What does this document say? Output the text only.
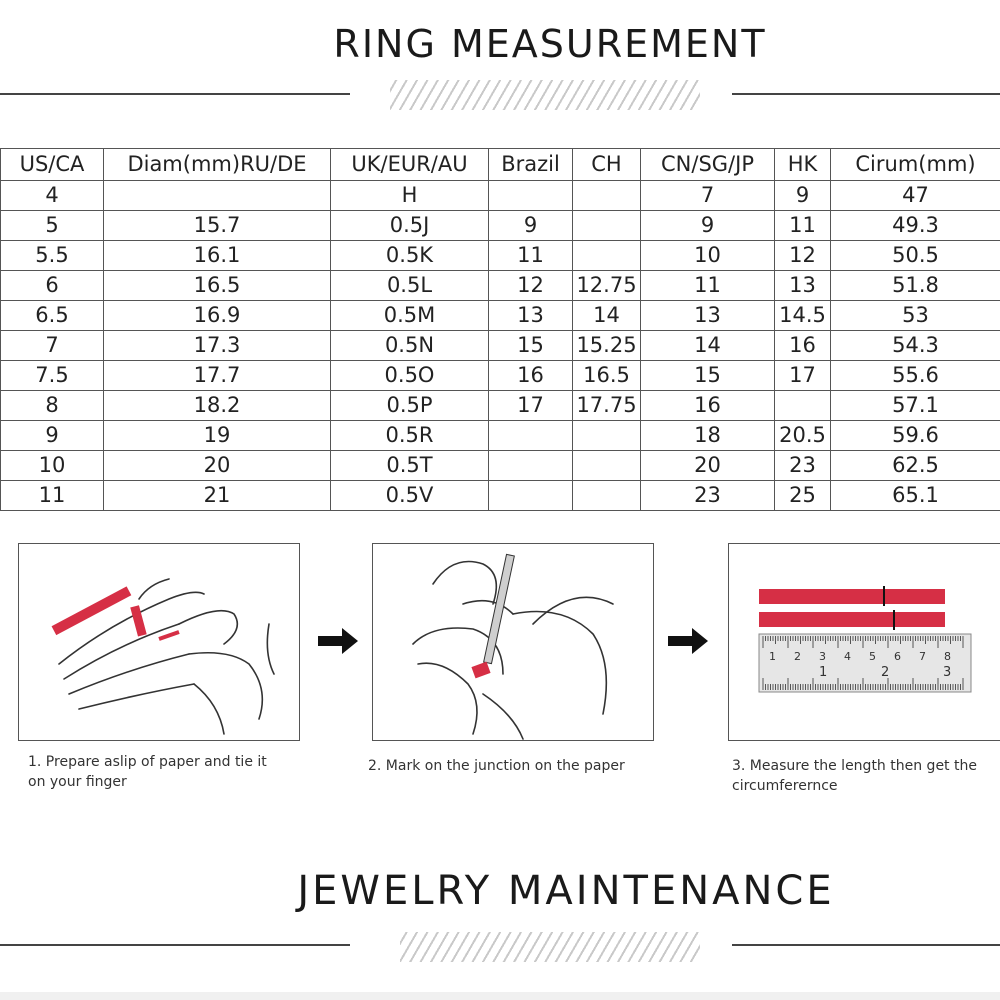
RING MEASUREMENT
US/CA	Diam(mm)RU/DE	UK/EUR/AU	Brazil	CH	CN/SG/JP	HK	Cirum(mm)
4		H			7	9	47
5	15.7	0.5J	9		9	11	49.3
5.5	16.1	0.5K	11		10	12	50.5
6	16.5	0.5L	12	12.75	11	13	51.8
6.5	16.9	0.5M	13	14	13	14.5	53
7	17.3	0.5N	15	15.25	14	16	54.3
7.5	17.7	0.5O	16	16.5	15	17	55.6
8	18.2	0.5P	17	17.75	16		57.1
9	19	0.5R			18	20.5	59.6
10	20	0.5T			20	23	62.5
11	21	0.5V			23	25	65.1
1 2 3 4 5 6 7 8
1	2	3
1. Prepare aslip of paper and tie it
on your finger
2. Mark on the junction on the paper	3. Measure the length then get the
circumferernce
JEWELRY MAINTENANCE
